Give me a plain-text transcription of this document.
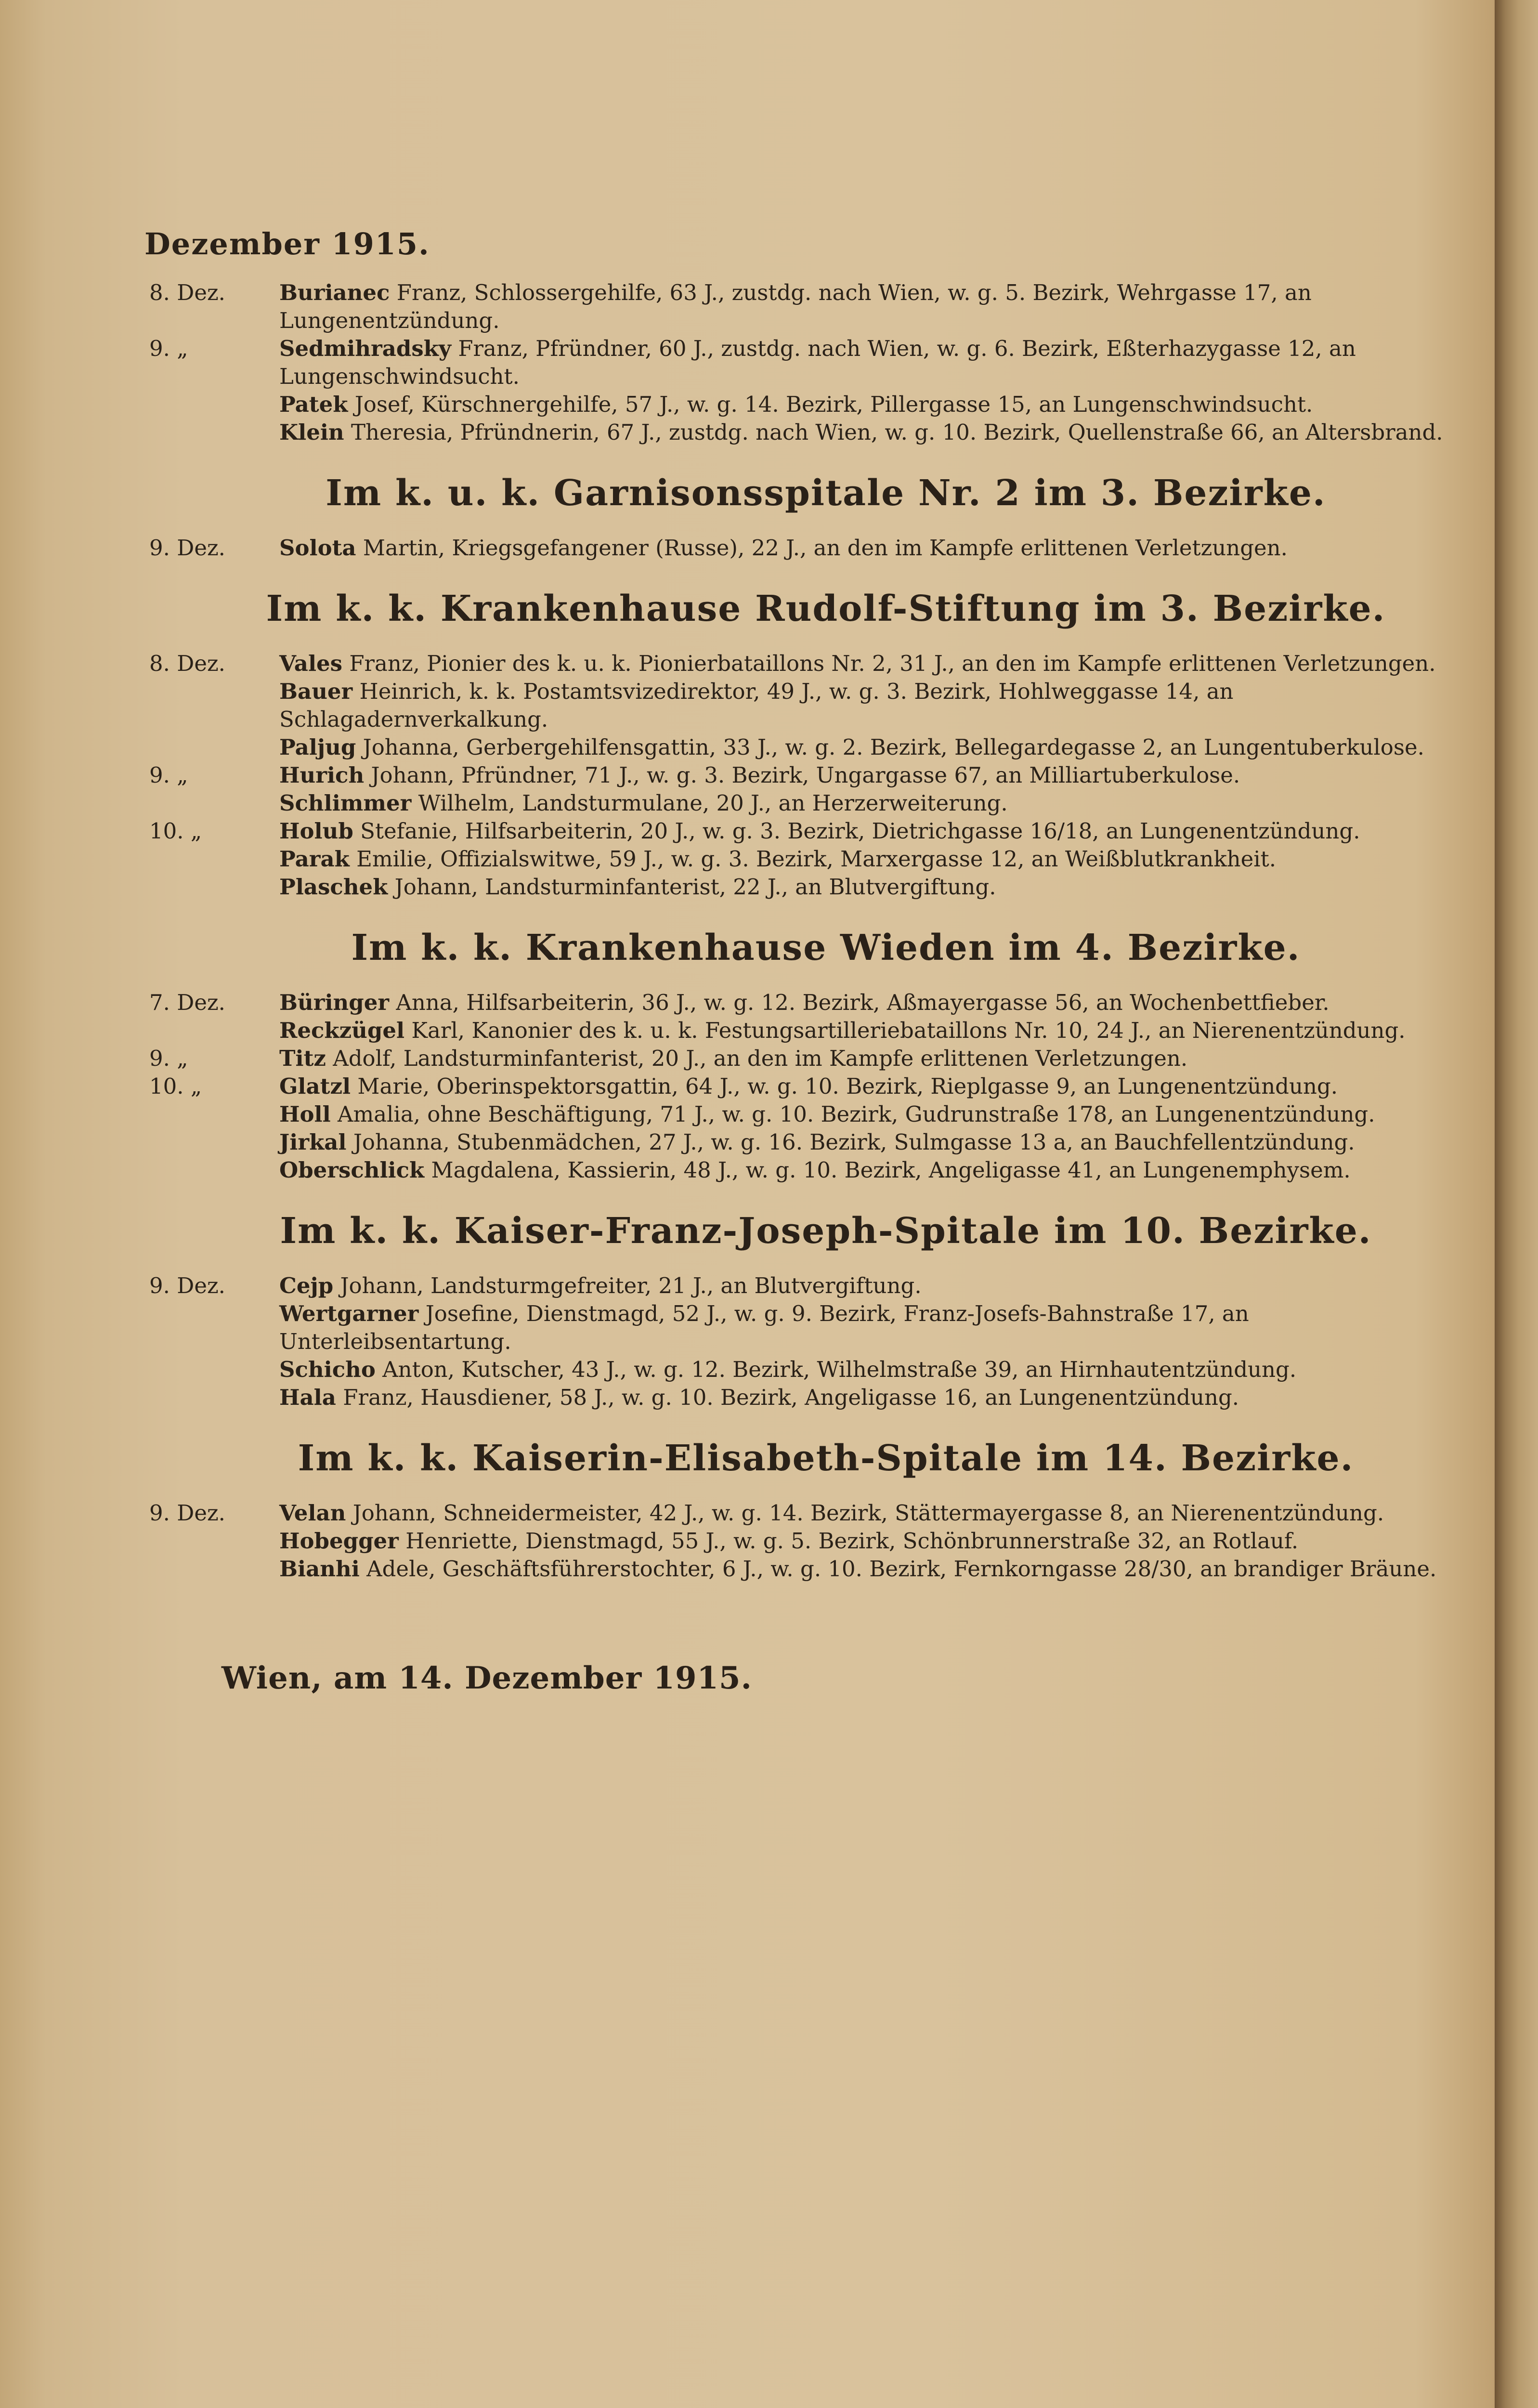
Dezember 1915.
8. Dez.	Burianec Franz, Schlossergehilfe, 63 J., zustdg. nach Wien, w. g. 5. Bezirk, Wehrgasse 17, an Lungenentzündung.
9. „	Sedmihradsky Franz, Pfründner, 60 J., zustdg. nach Wien, w. g. 6. Bezirk, Eßterhazygasse 12, an Lungenschwindsucht.
Patek Josef, Kürschnergehilfe, 57 J., w. g. 14. Bezirk, Pillergasse 15, an Lungenschwindsucht.
Klein Theresia, Pfründnerin, 67 J., zustdg. nach Wien, w. g. 10. Bezirk, Quellenstraße 66, an Altersbrand.
Im k. u. k. Garnisonsspitale Nr. 2 im 3. Bezirke.
9. Dez.	Solota Martin, Kriegsgefangener (Russe), 22 J., an den im Kampfe erlittenen Verletzungen.
Im k. k. Krankenhause Rudolf-Stiftung im 3. Bezirke.
8. Dez.	Vales Franz, Pionier des k. u. k. Pionierbataillons Nr. 2, 31 J., an den im Kampfe erlittenen Verletzungen.
Bauer Heinrich, k. k. Postamtsvizedirektor, 49 J., w. g. 3. Bezirk, Hohlweggasse 14, an Schlagadernverkalkung.
Paljug Johanna, Gerbergehilfensgattin, 33 J., w. g. 2. Bezirk, Bellegardegasse 2, an Lungentuberkulose.
9. „	Hurich Johann, Pfründner, 71 J., w. g. 3. Bezirk, Ungargasse 67, an Milliartuberkulose.
Schlimmer Wilhelm, Landsturmulane, 20 J., an Herzerweiterung.
10. „	Holub Stefanie, Hilfsarbeiterin, 20 J., w. g. 3. Bezirk, Dietrichgasse 16/18, an Lungenentzündung.
Parak Emilie, Offizialswitwe, 59 J., w. g. 3. Bezirk, Marxergasse 12, an Weißblutkrankheit.
Plaschek Johann, Landsturminfanterist, 22 J., an Blutvergiftung.
Im k. k. Krankenhause Wieden im 4. Bezirke.
7. Dez.	Büringer Anna, Hilfsarbeiterin, 36 J., w. g. 12. Bezirk, Aßmayergasse 56, an Wochenbettfieber.
Reckzügel Karl, Kanonier des k. u. k. Festungsartilleriebataillons Nr. 10, 24 J., an Nierenentzündung.
9. „	Titz Adolf, Landsturminfanterist, 20 J., an den im Kampfe erlittenen Verletzungen.
10. „	Glatzl Marie, Oberinspektorsgattin, 64 J., w. g. 10. Bezirk, Rieplgasse 9, an Lungenentzündung.
Holl Amalia, ohne Beschäftigung, 71 J., w. g. 10. Bezirk, Gudrunstraße 178, an Lungenentzündung.
Jirkal Johanna, Stubenmädchen, 27 J., w. g. 16. Bezirk, Sulmgasse 13 a, an Bauchfellentzündung.
Oberschlick Magdalena, Kassierin, 48 J., w. g. 10. Bezirk, Angeligasse 41, an Lungenemphysem.
Im k. k. Kaiser-Franz-Joseph-Spitale im 10. Bezirke.
9. Dez.	Cejp Johann, Landsturmgefreiter, 21 J., an Blutvergiftung.
Wertgarner Josefine, Dienstmagd, 52 J., w. g. 9. Bezirk, Franz-Josefs-Bahnstraße 17, an Unterleibsentartung.
Schicho Anton, Kutscher, 43 J., w. g. 12. Bezirk, Wilhelmstraße 39, an Hirnhautentzündung.
Hala Franz, Hausdiener, 58 J., w. g. 10. Bezirk, Angeligasse 16, an Lungenentzündung.
Im k. k. Kaiserin-Elisabeth-Spitale im 14. Bezirke.
9. Dez.	Velan Johann, Schneidermeister, 42 J., w. g. 14. Bezirk, Stättermayergasse 8, an Nierenentzündung.
Hobegger Henriette, Dienstmagd, 55 J., w. g. 5. Bezirk, Schönbrunnerstraße 32, an Rotlauf.
Bianhi Adele, Geschäftsführerstochter, 6 J., w. g. 10. Bezirk, Fernkorngasse 28/30, an brandiger Bräune.
Wien, am 14. Dezember 1915.
